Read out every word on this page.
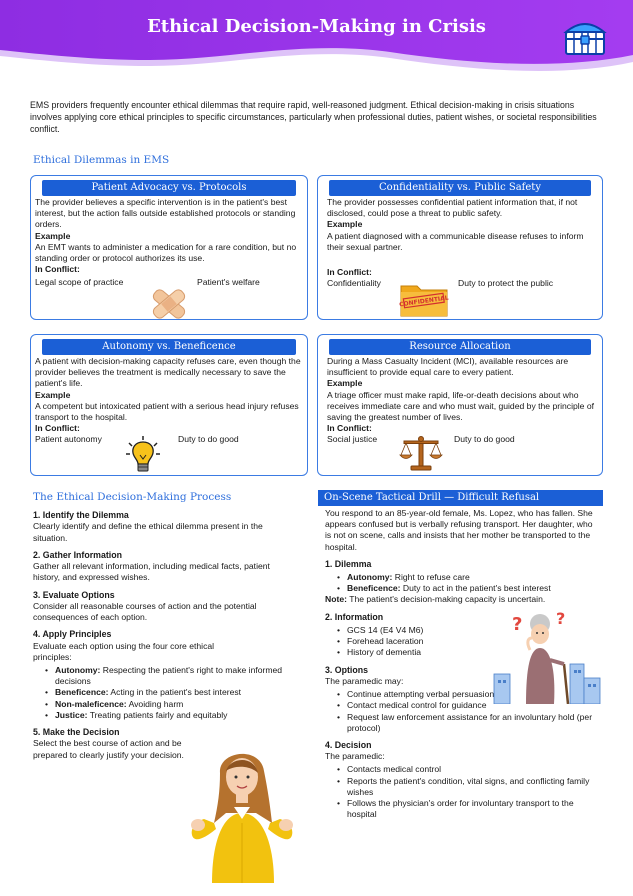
Ethical Decision-Making in Crisis

EMS providers frequently encounter ethical dilemmas that require rapid, well-reasoned judgment. Ethical decision-making in crisis situations involves applying core ethical principles to specific circumstances, particularly when professional duties, patient wishes, or societal responsibilities conflict.

Ethical Dilemmas in EMS
Patient Advocacy vs. Protocols

The provider believes a specific intervention is in the patient's best interest, but the action falls outside established protocols or standing orders.

Example

An EMT wants to administer a medication for a rare condition, but no standing order or protocol authorizes its use.

In Conflict:

Legal scope of practice	Patient's welfare
Confidentiality vs. Public Safety

The provider possesses confidential patient information that, if not disclosed, could pose a threat to public safety.

Example

A patient diagnosed with a communicable disease refuses to inform their sexual partner.

In Conflict:

Confidentiality	Duty to protect the public
CONFIDENTIAL
Autonomy vs. Beneficence

A patient with decision-making capacity refuses care, even though the provider believes the treatment is medically necessary to save the patient's life.

Example

A competent but intoxicated patient with a serious head injury refuses transport to the hospital.

In Conflict:

Patient autonomy	Duty to do good
Resource Allocation

During a Mass Casualty Incident (MCI), available resources are insufficient to provide equal care to every patient.

Example

A triage officer must make rapid, life-or-death decisions about who receives immediate care and who must wait, guided by the principle of saving the greatest number of lives.

In Conflict:

Social justice	Duty to do good
The Ethical Decision-Making Process
1. Identify the Dilemma

Clearly identify and define the ethical dilemma present in the situation.

2. Gather Information

Gather all relevant information, including medical facts, patient history, and expressed wishes.

3. Evaluate Options

Consider all reasonable courses of action and the potential consequences of each option.

4. Apply Principles

Evaluate each option using the four core ethical principles:

• Autonomy: Respecting the patient's right to make informed decisions
• Beneficence: Acting in the patient's best interest
• Non-maleficence: Avoiding harm
• Justice: Treating patients fairly and equitably
5. Make the Decision

Select the best course of action and be prepared to clearly justify your decision.

On-Scene Tactical Drill — Difficult Refusal

You respond to an 85-year-old female, Ms. Lopez, who has fallen. She appears confused but is verbally refusing transport. Her daughter, who is not on scene, calls and insists that her mother be transported to the hospital.

1. Dilemma
• Autonomy: Right to refuse care
• Beneficence: Duty to act in the patient's best interest

Note: The patient's decision-making capacity is uncertain.

2. Information
• GCS 14 (E4 V4 M6)
• Forehead laceration
• History of dementia
3. Options

The paramedic may:

• Continue attempting verbal persuasion
• Contact medical control for guidance
• Request law enforcement assistance for an involuntary hold (per protocol)
4. Decision

The paramedic:

• Contacts medical control
• Reports the patient's condition, vital signs, and conflicting family wishes
• Follows the physician's order for involuntary transport to the hospital
? ?
